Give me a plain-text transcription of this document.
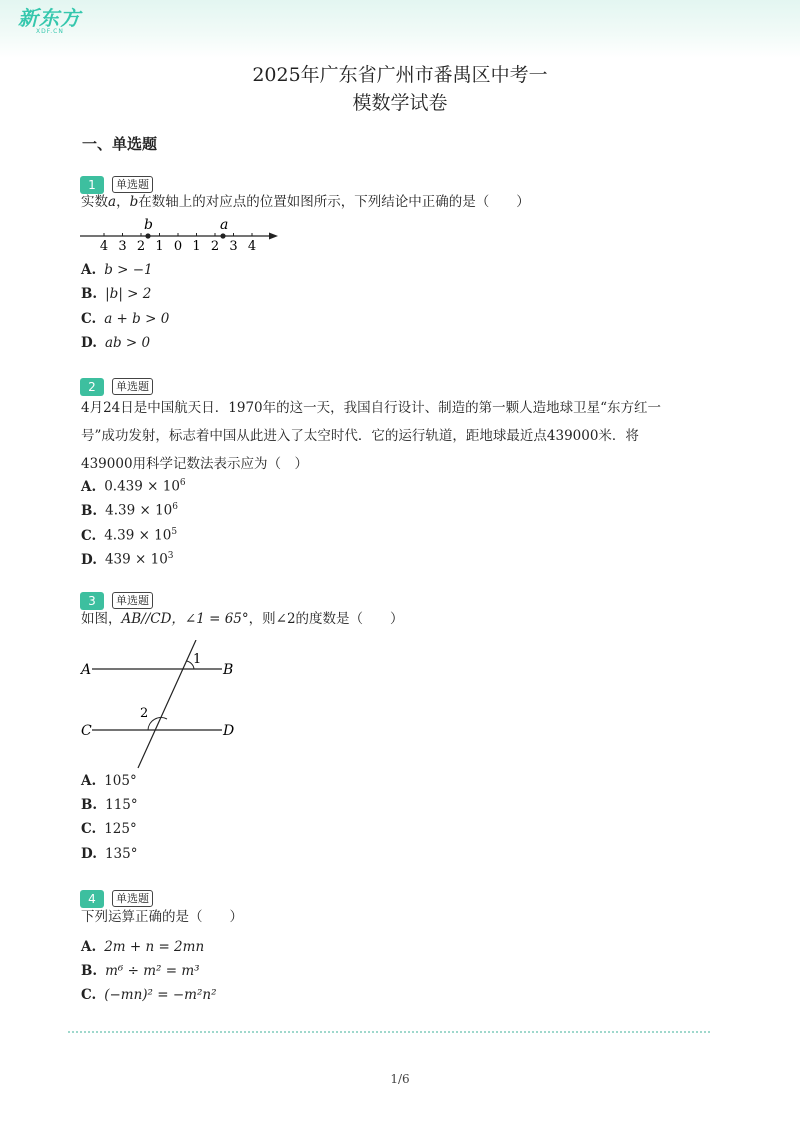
新东方
XDF.CN
2025年广东省广州市番禺区中考一
模数学试卷
一、单选题
1 单选题
实数a，b在数轴上的对应点的位置如图所示，下列结论中正确的是（　　）
4 3 2 1 0 1 2 3 4
b	a
A. b > −1
B. |b| > 2
C. a + b > 0
D. ab > 0
2 单选题
4月24日是中国航天日．1970年的这一天，我国自行设计、制造的第一颗人造地球卫星“东方红一
号”成功发射，标志着中国从此进入了太空时代．它的运行轨道，距地球最近点439000米．将
439000用科学记数法表示应为（　）
A. $0.439 \times 10^6$
B. $4.39 \times 10^6$
C. $4.39 \times 10^5$
D. $439 \times 10^3$
3 单选题
如图，AB//CD，∠1 = 65°，则∠2的度数是（　　）
A	B
C	D
1
2
A. 105°
B. 115°
C. 125°
D. 135°
4 单选题
下列运算正确的是（　　）
A. 2m + n = 2mn
B. m⁶ ÷ m² = m³
C. (−mn)² = −m²n²
1/6
